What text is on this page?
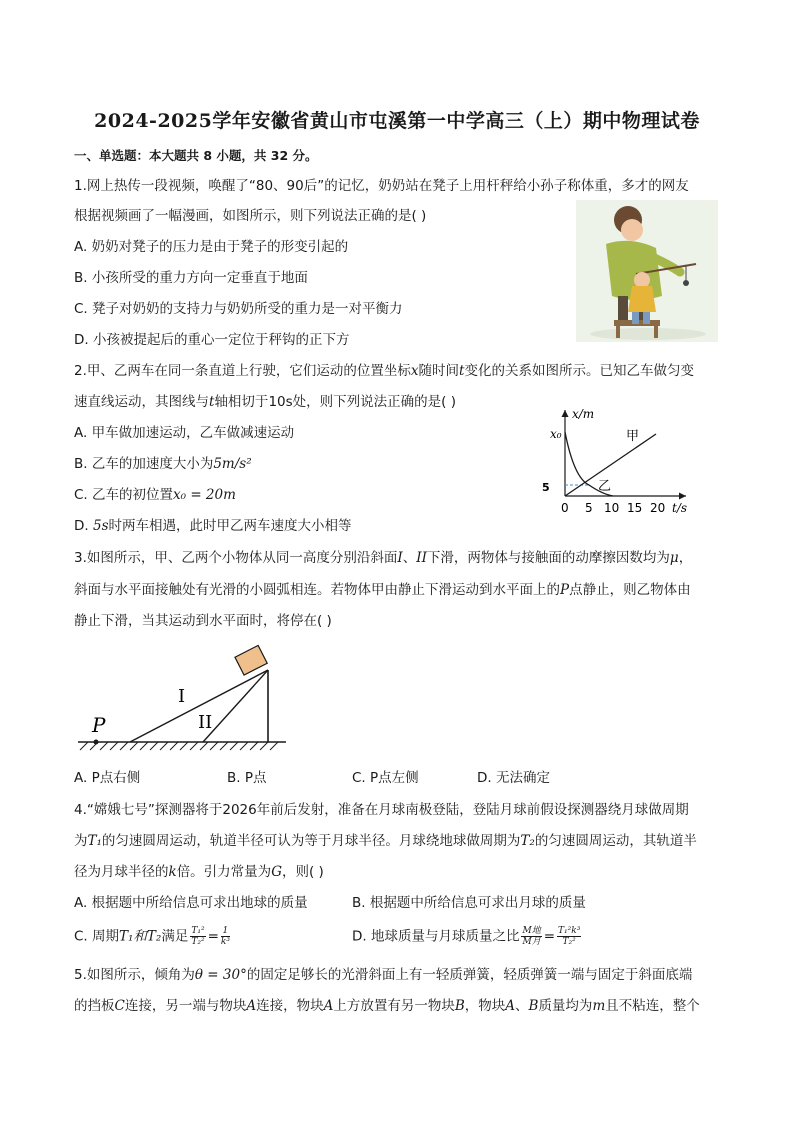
2024-2025学年安徽省黄山市屯溪第一中学高三（上）期中物理试卷
一、单选题：本大题共 8 小题，共 32 分。
1.网上热传一段视频，唤醒了“80、90后”的记忆，奶奶站在凳子上用杆秤给小孙子称体重，多才的网友
根据视频画了一幅漫画，如图所示，则下列说法正确的是( )
A. 奶奶对凳子的压力是由于凳子的形变引起的
B. 小孩所受的重力方向一定垂直于地面
C. 凳子对奶奶的支持力与奶奶所受的重力是一对平衡力
D. 小孩被提起后的重心一定位于秤钩的正下方
2.甲、乙两车在同一条直道上行驶，它们运动的位置坐标x随时间t变化的关系如图所示。已知乙车做匀变
速直线运动，其图线与t轴相切于10s处，则下列说法正确的是( )
A. 甲车做加速运动，乙车做减速运动
B. 乙车的加速度大小为5m/s²
C. 乙车的初位置x₀ = 20m
D. 5s时两车相遇，此时甲乙两车速度大小相等
x/m
t/s
x₀
5
甲
乙
0 5 10 15 20
3.如图所示，甲、乙两个小物体从同一高度分别沿斜面I、II下滑，两物体与接触面的动摩擦因数均为μ，
斜面与水平面接触处有光滑的小圆弧相连。若物体甲由静止下滑运动到水平面上的P点静止，则乙物体由
静止下滑，当其运动到水平面时，将停在( )
P
I
II
A. P点右侧	B. P点	C. P点左侧	D. 无法确定
4.“嫦娥七号”探测器将于2026年前后发射，准备在月球南极登陆，登陆月球前假设探测器绕月球做周期
为T₁的匀速圆周运动，轨道半径可认为等于月球半径。月球绕地球做周期为T₂的匀速圆周运动，其轨道半
径为月球半径的k倍。引力常量为G，则( )
A. 根据题中所给信息可求出地球的质量	B. 根据题中所给信息可求出月球的质量
C. 周期T₁和T₂满足 $\frac{\text{T₁²}}{\text{T₂²}} = \frac{1}{\text{k³}}$	D. 地球质量与月球质量之比 $\frac{\text{M地}}{\text{M月}} = \frac{\text{T₁²k³}}{\text{T₂²}}$
5.如图所示，倾角为θ = 30°的固定足够长的光滑斜面上有一轻质弹簧，轻质弹簧一端与固定于斜面底端
的挡板C连接，另一端与物块A连接，物块A上方放置有另一物块B，物块A、B质量均为m且不粘连，整个
